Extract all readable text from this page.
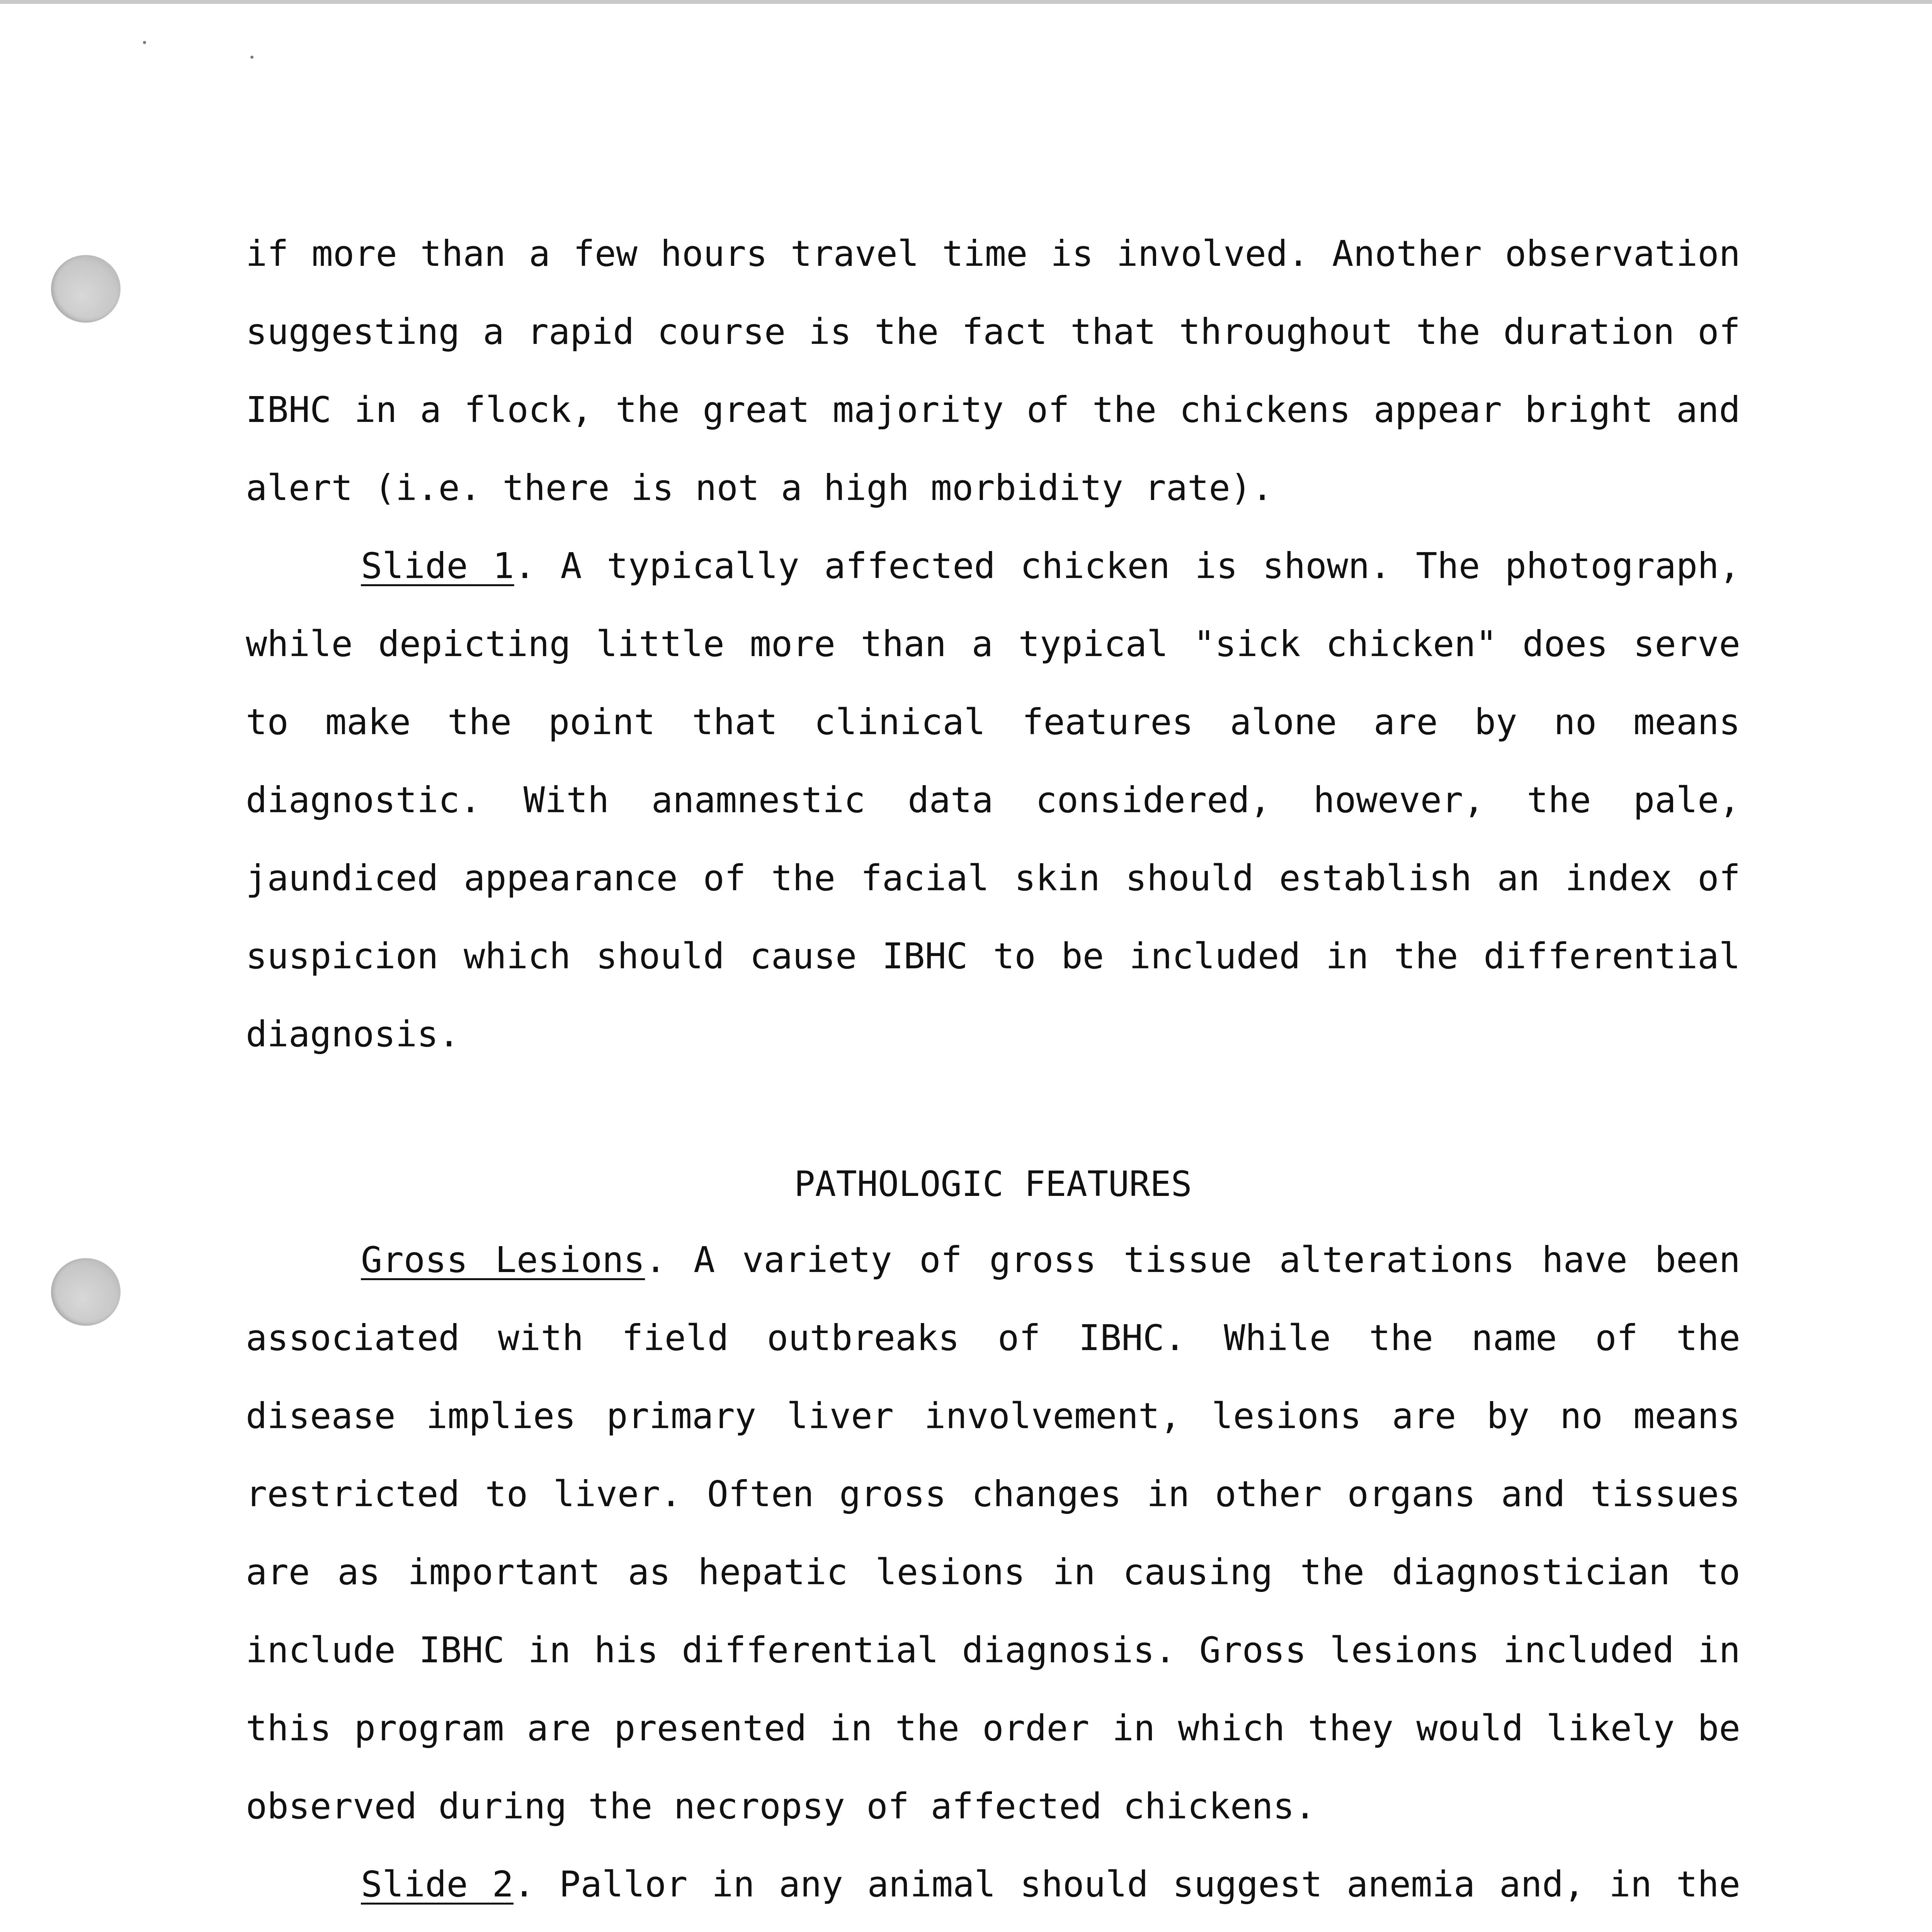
if more than a few hours travel time is involved. Another observation suggesting a rapid course is the fact that throughout the duration of IBHC in a flock, the great majority of the chickens appear bright and alert (i.e. there is not a high morbidity rate).

Slide 1. A typically affected chicken is shown. The photograph, while depicting little more than a typical "sick chicken" does serve to make the point that clinical features alone are by no means diagnostic. With anamnestic data considered, however, the pale, jaundiced appearance of the facial skin should establish an index of suspicion which should cause IBHC to be included in the differential diagnosis.

PATHOLOGIC FEATURES

Gross Lesions. A variety of gross tissue alterations have been associated with field outbreaks of IBHC. While the name of the disease implies primary liver involvement, lesions are by no means restricted to liver. Often gross changes in other organs and tissues are as important as hepatic lesions in causing the diagnostician to include IBHC in his differential diagnosis. Gross lesions included in this program are presented in the order in which they would likely be observed during the necropsy of affected chickens.

Slide 2. Pallor in any animal should suggest anemia and, in the
